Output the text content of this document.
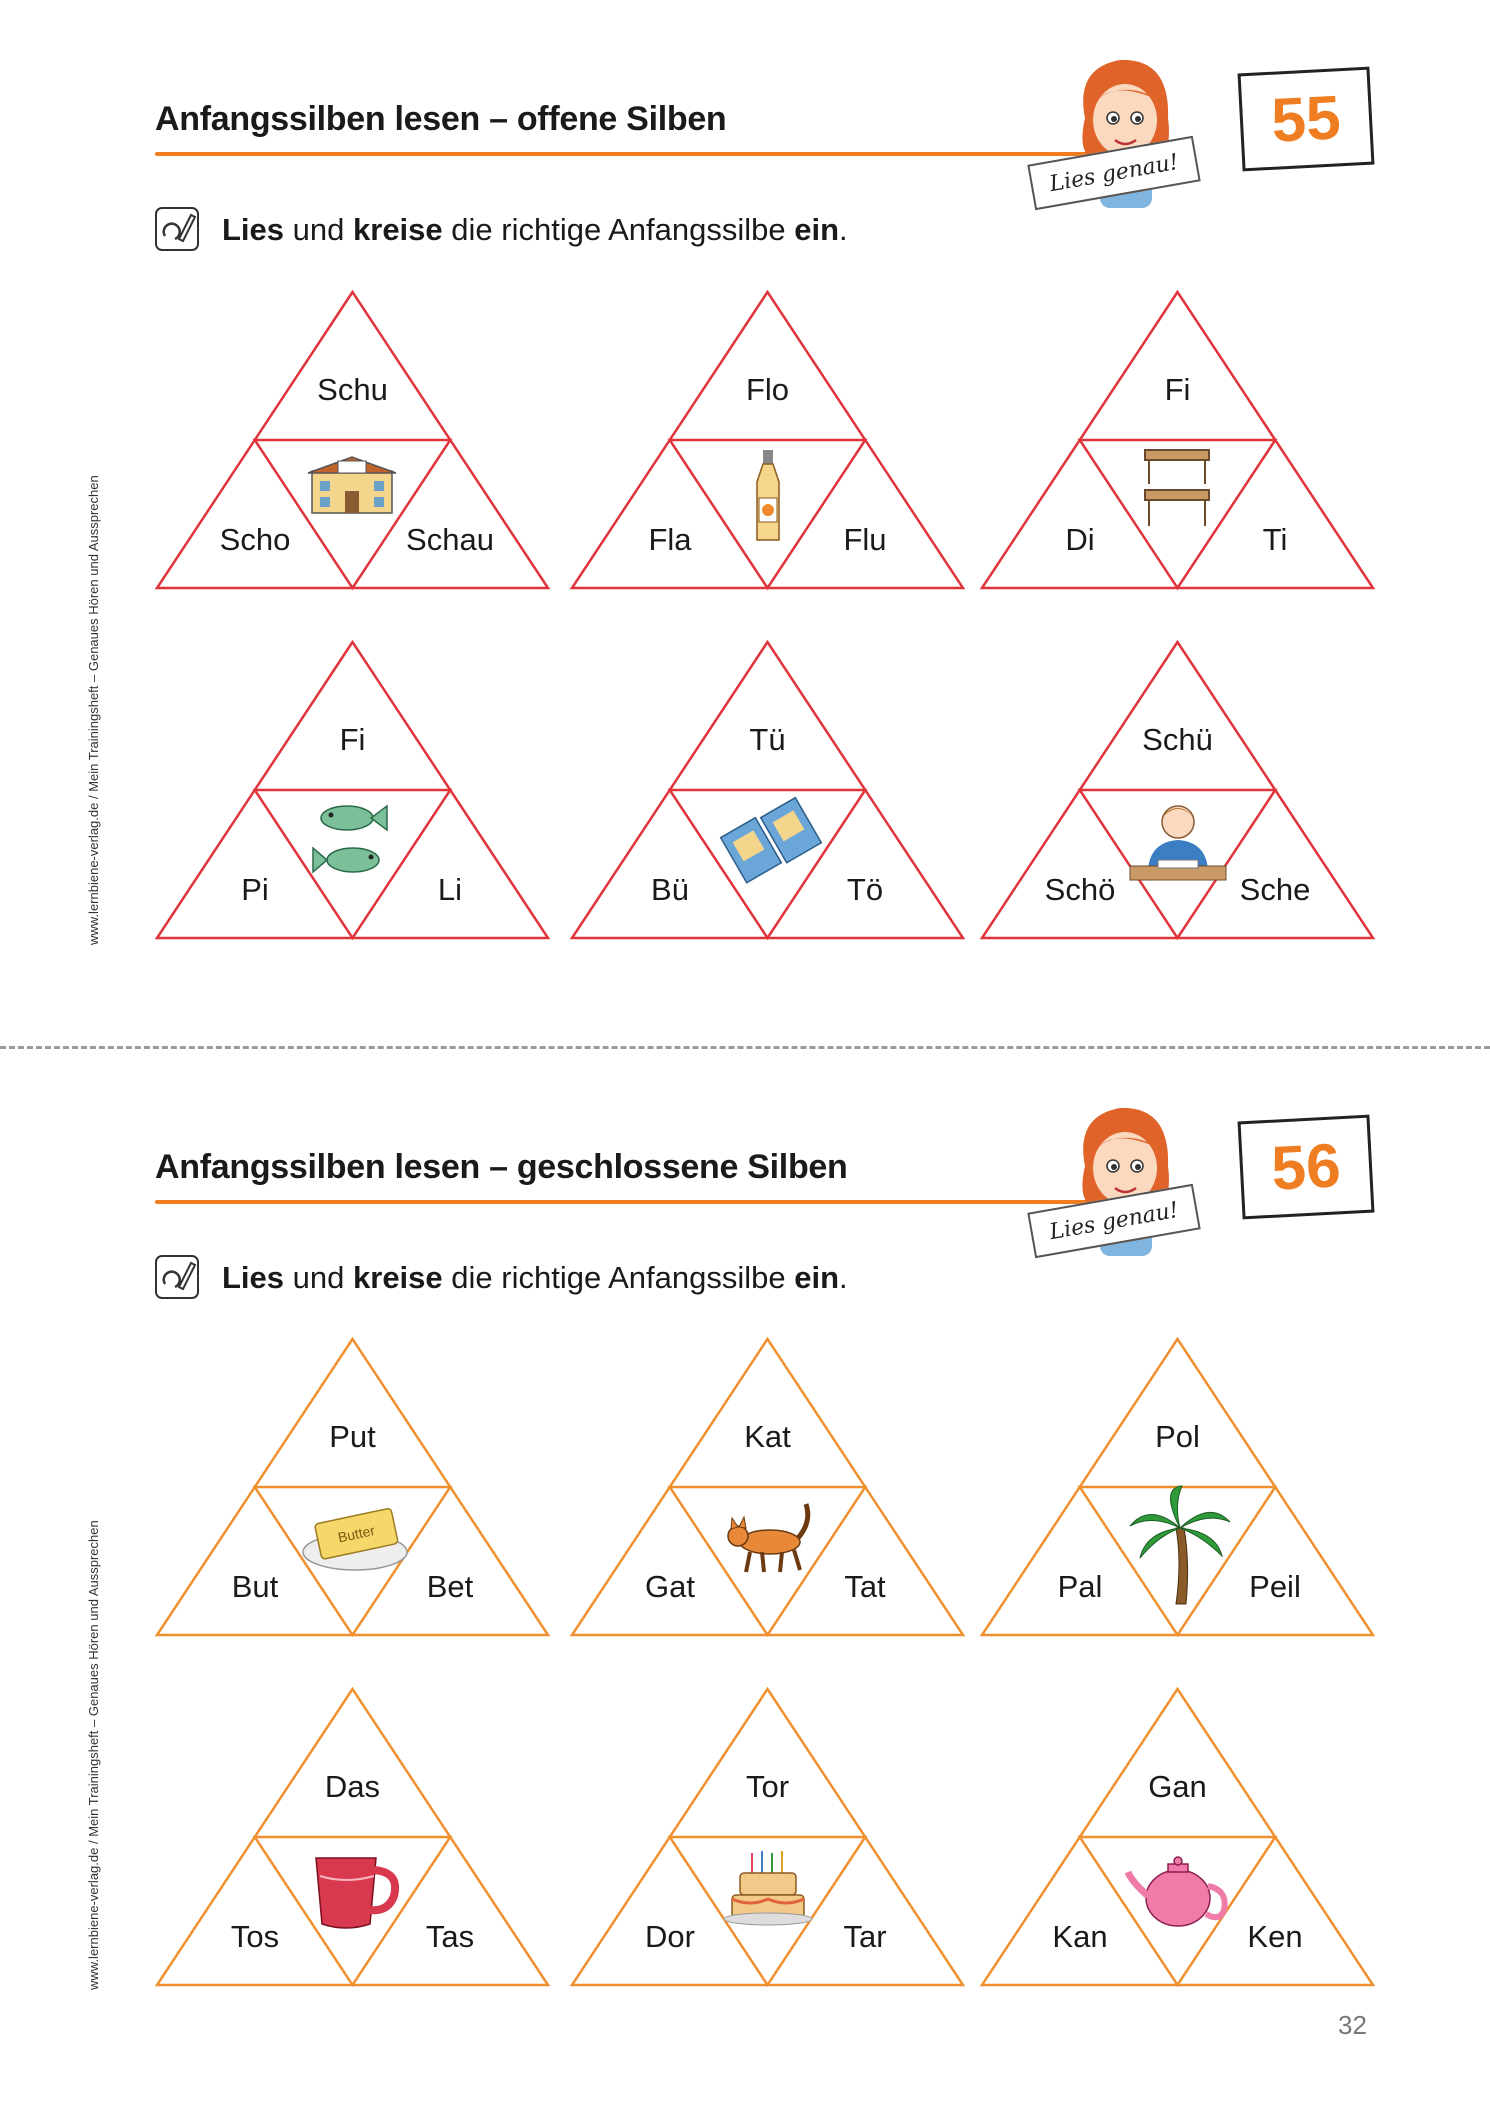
Anfangssilben lesen – offene Silben
Lies genau!
55
Lies und kreise die richtige Anfangssilbe ein.
www.lernbiene-verlag.de / Mein Trainingsheft – Genaues Hören und Aussprechen
Schu
Scho	Schau
Flo
Fla	Flu
Fi
Di	Ti
Fi
Pi	Li
Tü
Bü	Tö
Schü
Schö	Sche
Anfangssilben lesen – geschlossene Silben
Lies genau!
56
Lies und kreise die richtige Anfangssilbe ein.
www.lernbiene-verlag.de / Mein Trainingsheft – Genaues Hören und Aussprechen
Put
But	Bet
Butter
Kat
Gat	Tat
Pol
Pal	Peil
Das
Tos	Tas
Tor
Dor	Tar
Gan
Kan	Ken
32
